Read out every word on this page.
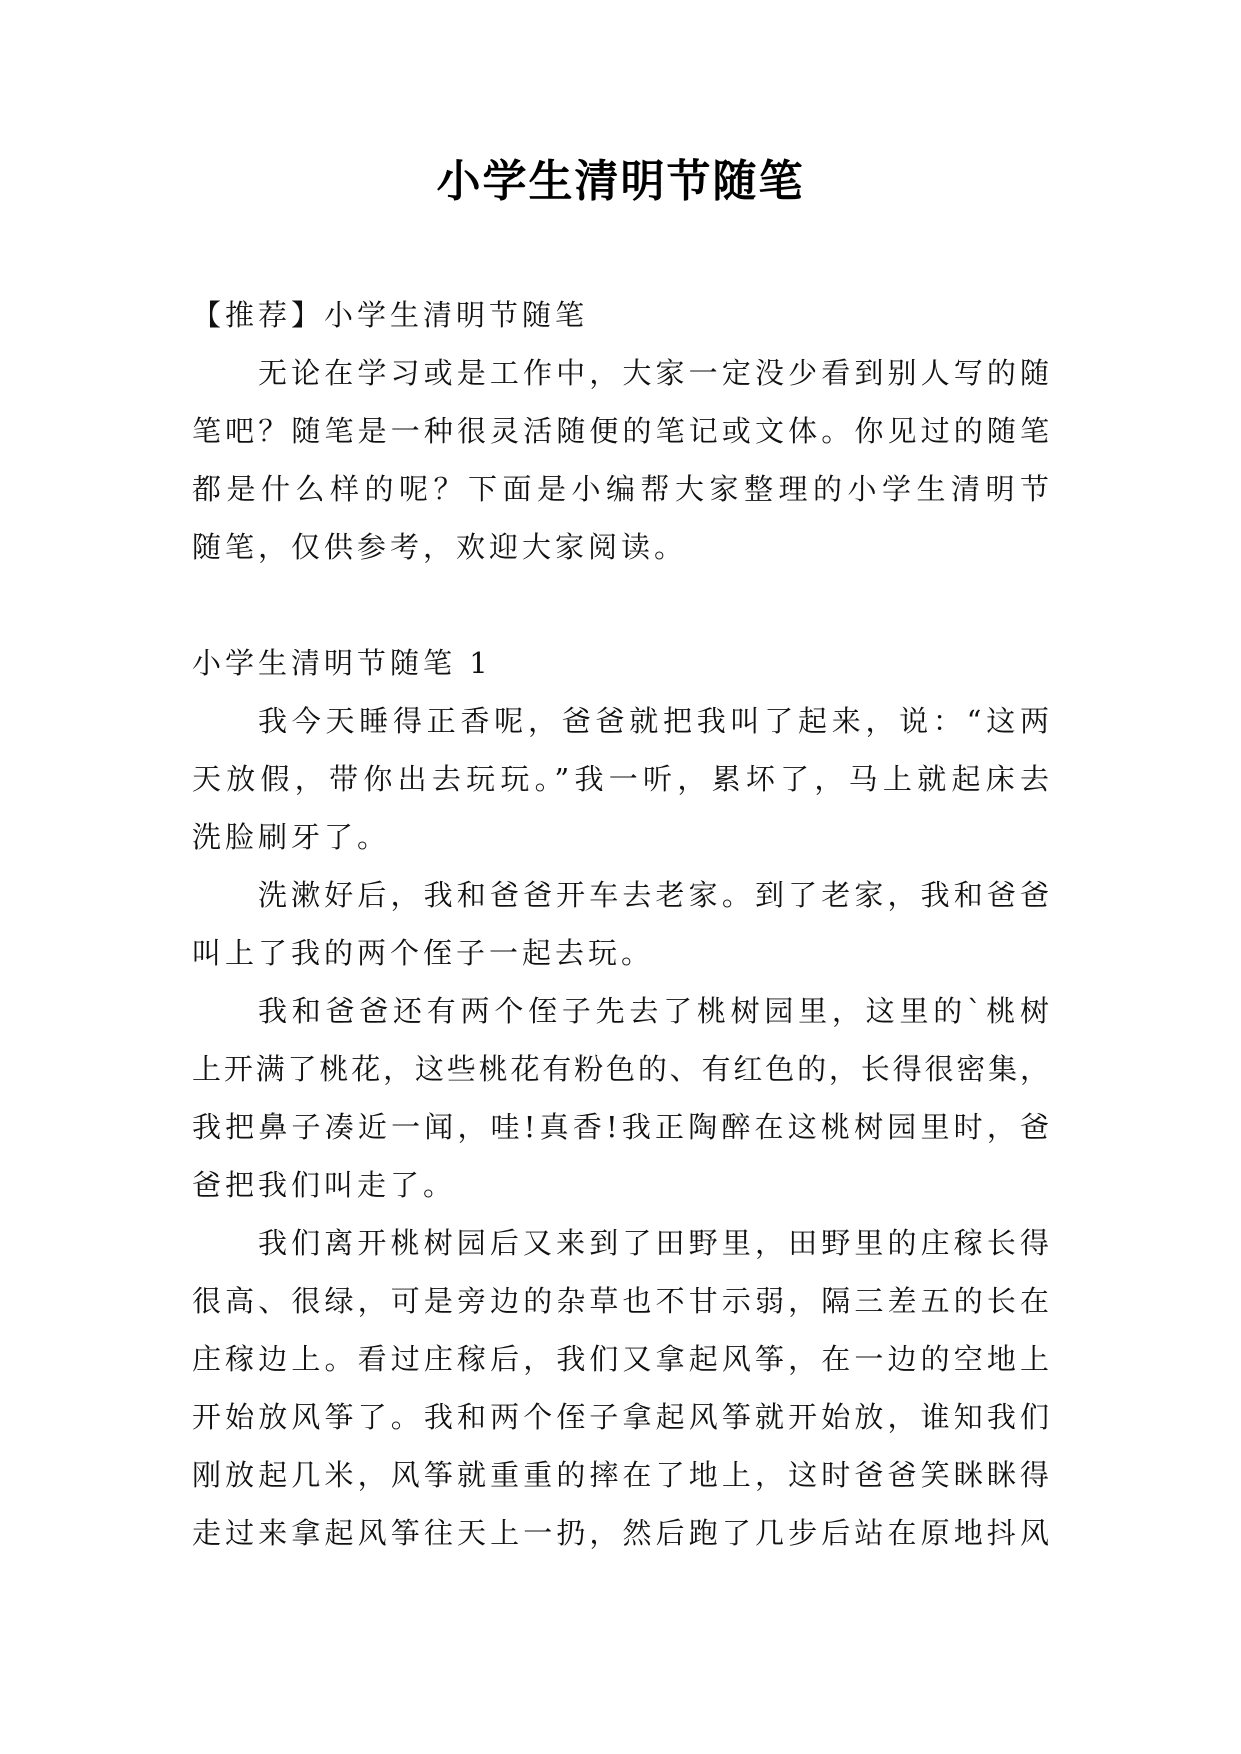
小学生清明节随笔
【推荐】小学生清明节随笔
无论在学习或是工作中，大家一定没少看到别人写的随
笔吧？随笔是一种很灵活随便的笔记或文体。你见过的随笔
都是什么样的呢？下面是小编帮大家整理的小学生清明节
随笔，仅供参考，欢迎大家阅读。
小学生清明节随笔 1
我今天睡得正香呢，爸爸就把我叫了起来，说：“这两
天放假，带你出去玩玩。”我一听，累坏了，马上就起床去
洗脸刷牙了。
洗漱好后，我和爸爸开车去老家。到了老家，我和爸爸
叫上了我的两个侄子一起去玩。
我和爸爸还有两个侄子先去了桃树园里，这里的`桃树
上开满了桃花，这些桃花有粉色的、有红色的，长得很密集，
我把鼻子凑近一闻，哇!真香!我正陶醉在这桃树园里时，爸
爸把我们叫走了。
我们离开桃树园后又来到了田野里，田野里的庄稼长得
很高、很绿，可是旁边的杂草也不甘示弱，隔三差五的长在
庄稼边上。看过庄稼后，我们又拿起风筝，在一边的空地上
开始放风筝了。我和两个侄子拿起风筝就开始放，谁知我们
刚放起几米，风筝就重重的摔在了地上，这时爸爸笑眯眯得
走过来拿起风筝往天上一扔，然后跑了几步后站在原地抖风
